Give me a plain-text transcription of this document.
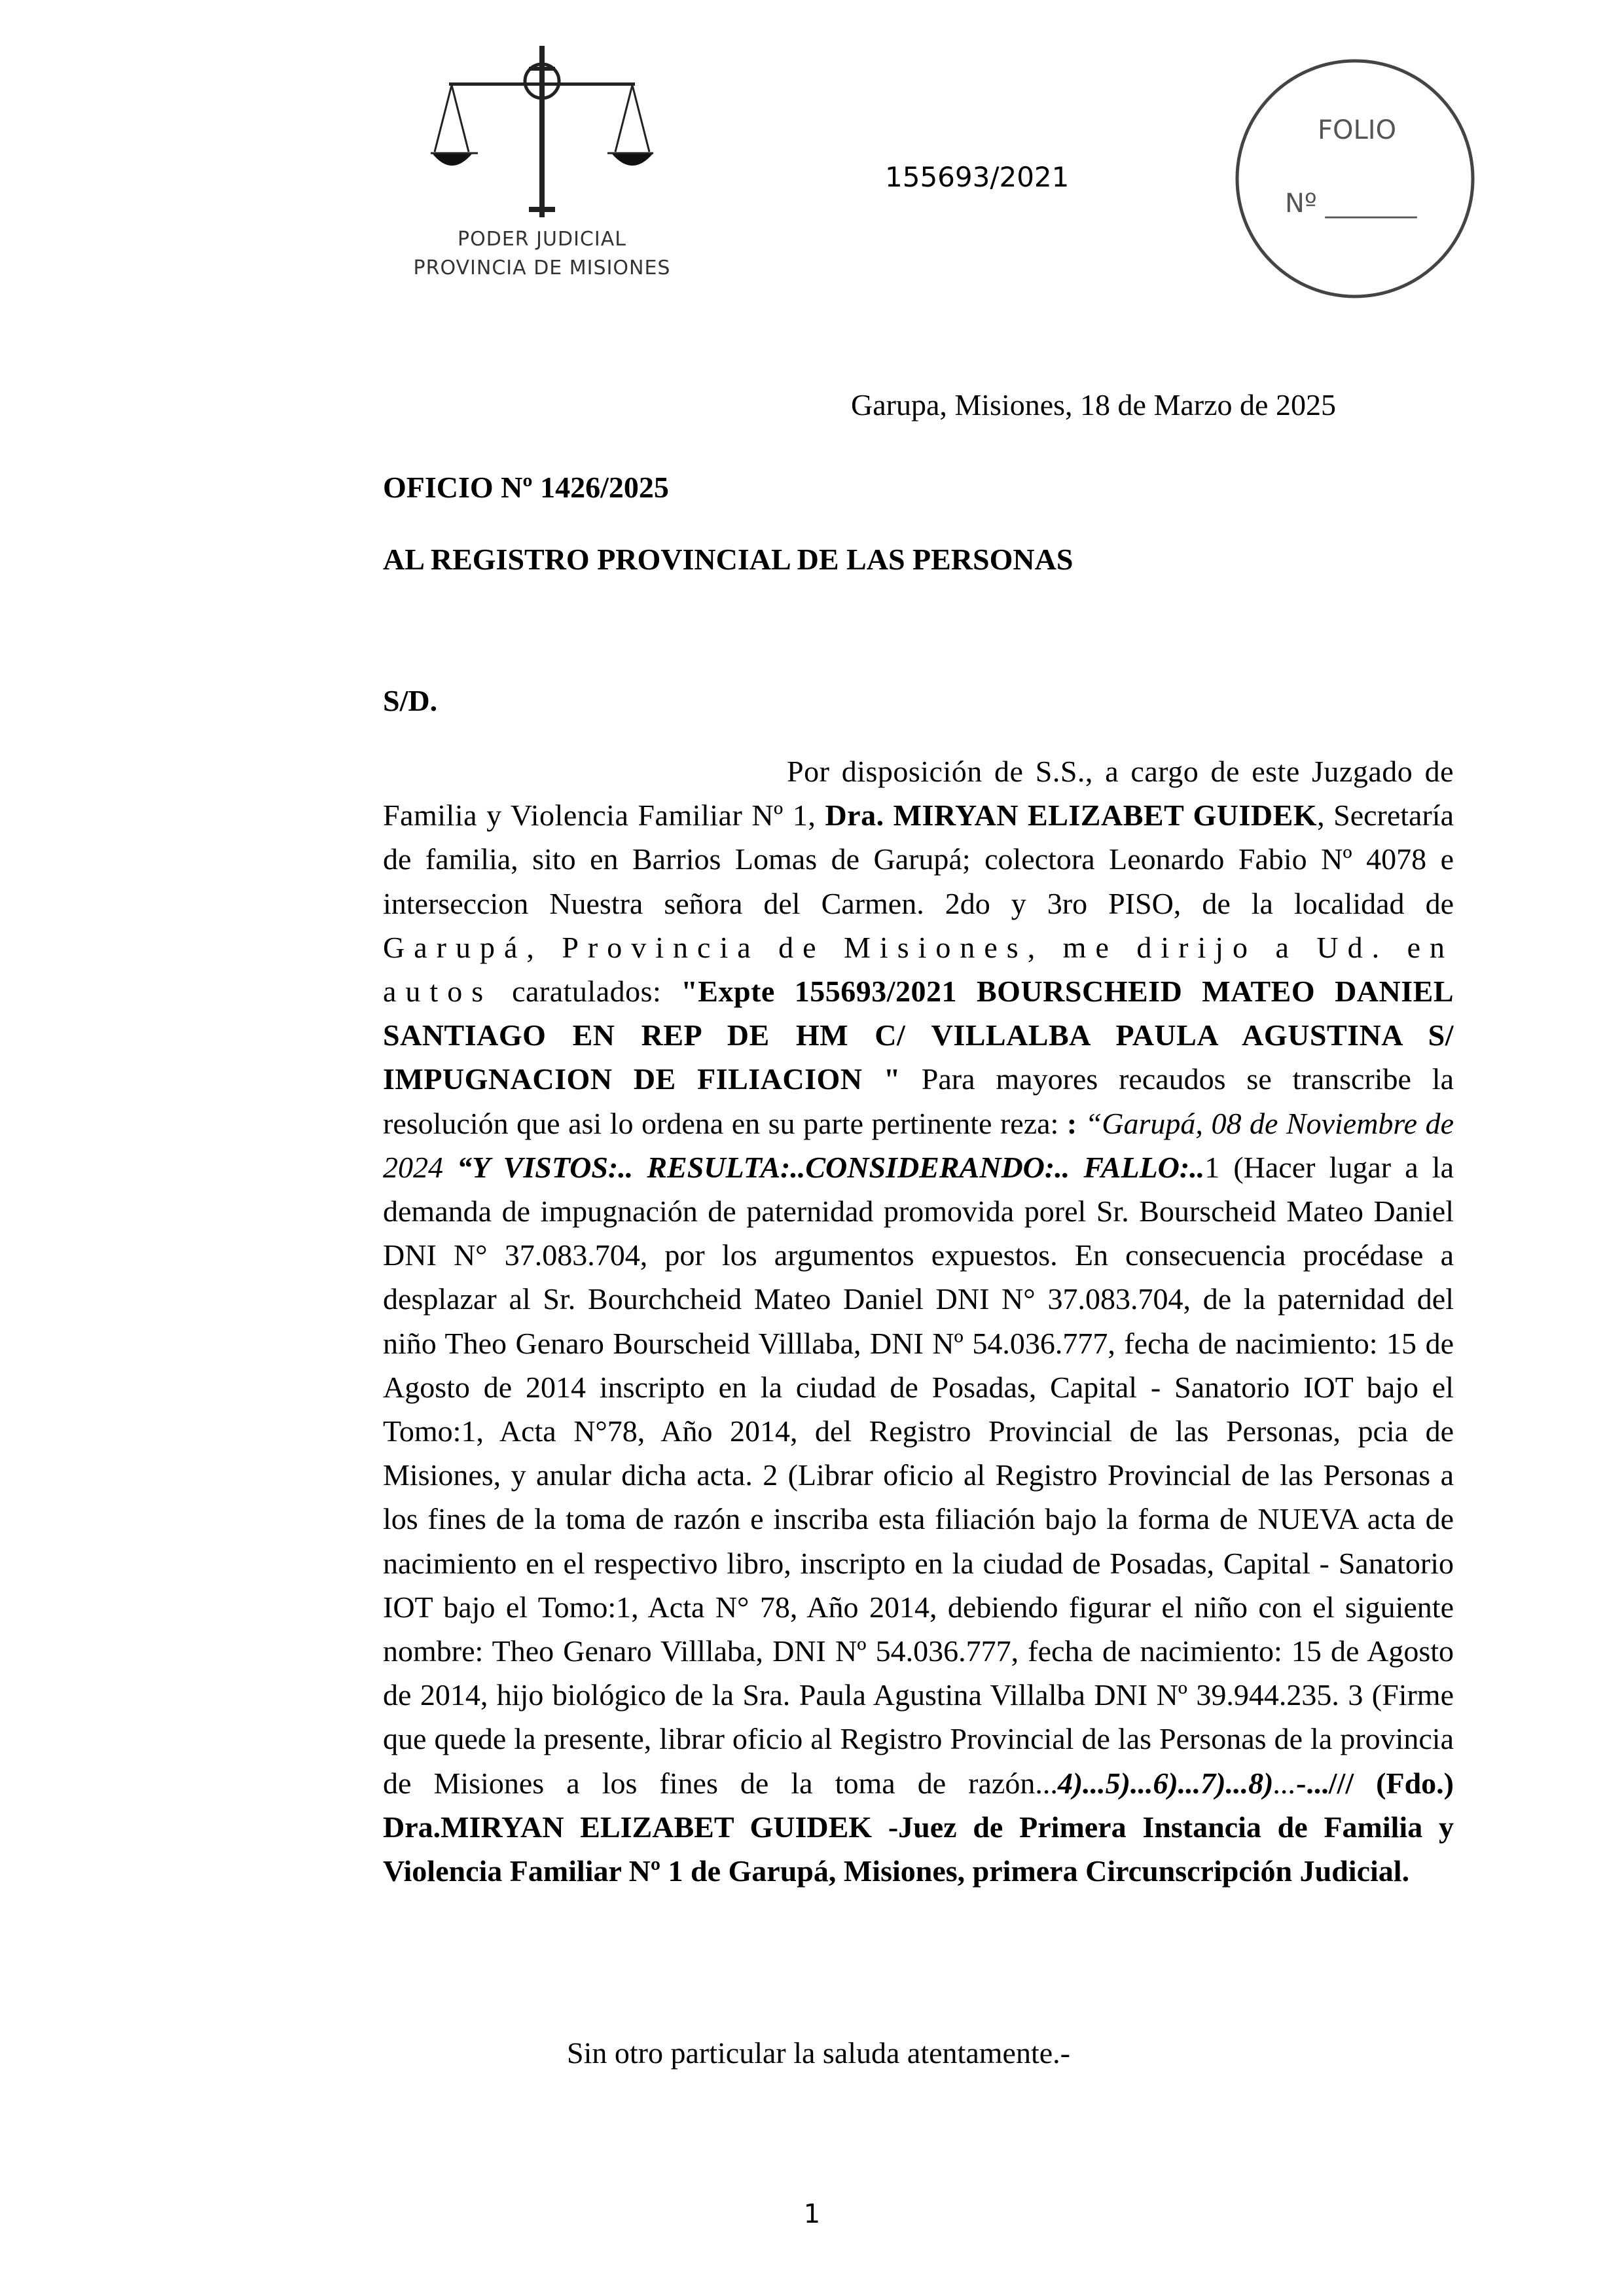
PODER JUDICIAL
PROVINCIA DE MISIONES
155693/2021
FOLIO
Nº _______
Garupa, Misiones, 18 de Marzo de 2025
OFICIO Nº 1426/2025
AL REGISTRO PROVINCIAL DE LAS PERSONAS
S/D.

Por disposición de S.S., a cargo de este Juzgado de Familia y Violencia Familiar Nº 1, Dra. MIRYAN ELIZABET GUIDEK, Secretaría de familia, sito en Barrios Lomas de Garupá; colectora Leonardo Fabio Nº 4078 e interseccion Nuestra señora del Carmen. 2do y 3ro PISO, de la localidad de Garupá, Provincia de Misiones, me dirijo a Ud. en autos caratulados: "Expte 155693/2021 BOURSCHEID MATEO DANIEL SANTIAGO EN REP DE HM C/ VILLALBA PAULA AGUSTINA S/ IMPUGNACION DE FILIACION " Para mayores recaudos se transcribe la resolución que asi lo ordena en su parte pertinente reza: : “Garupá, 08 de Noviembre de 2024 “Y VISTOS:.. RESULTA:..CONSIDERANDO:.. FALLO:..1 (Hacer lugar a la demanda de impugnación de paternidad promovida porel Sr. Bourscheid Mateo Daniel DNI N° 37.083.704, por los argumentos expuestos. En consecuencia procédase a desplazar al Sr. Bourchcheid Mateo Daniel DNI N° 37.083.704, de la paternidad del niño Theo Genaro Bourscheid Villlaba, DNI Nº 54.036.777, fecha de nacimiento: 15 de Agosto de 2014 inscripto en la ciudad de Posadas, Capital - Sanatorio IOT bajo el Tomo:1, Acta N°78, Año 2014, del Registro Provincial de las Personas, pcia de Misiones, y anular dicha acta. 2 (Librar oficio al Registro Provincial de las Personas a los fines de la toma de razón e inscriba esta filiación bajo la forma de NUEVA acta de nacimiento en el respectivo libro, inscripto en la ciudad de Posadas, Capital - Sanatorio IOT bajo el Tomo:1, Acta N° 78, Año 2014, debiendo figurar el niño con el siguiente nombre: Theo Genaro Villlaba, DNI Nº 54.036.777, fecha de nacimiento: 15 de Agosto de 2014, hijo biológico de la Sra. Paula Agustina Villalba DNI Nº 39.944.235. 3 (Firme que quede la presente, librar oficio al Registro Provincial de las Personas de la provincia de Misiones a los fines de la toma de razón...4)...5)...6)...7)...8)...-.../// (Fdo.) Dra.MIRYAN ELIZABET GUIDEK -Juez de Primera Instancia de Familia y Violencia Familiar Nº 1 de Garupá, Misiones, primera Circunscripción Judicial.

Sin otro particular la saluda atentamente.-
1
